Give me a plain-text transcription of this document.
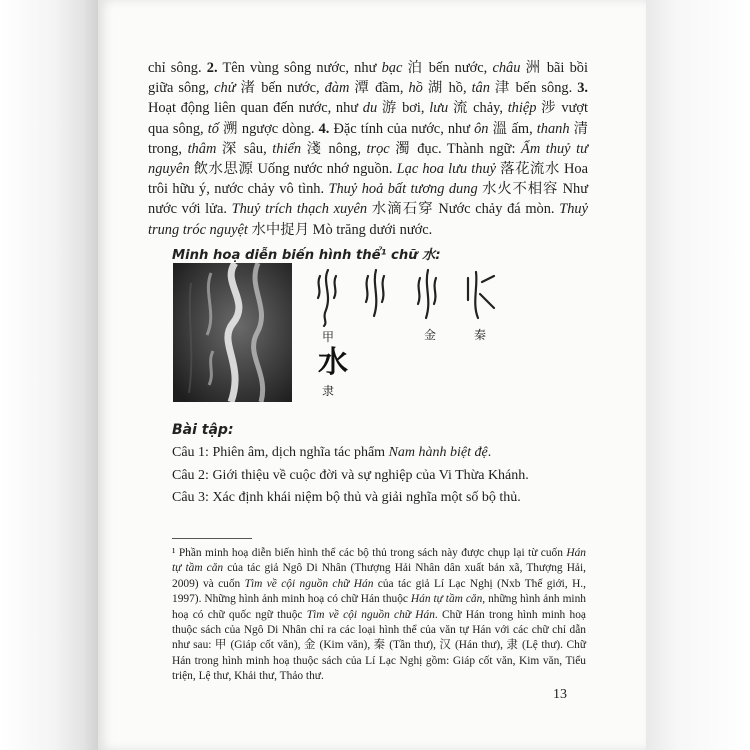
chỉ sông. 2. Tên vùng sông nước, như bạc 泊 bến nước, châu 洲 bãi bồi giữa sông, chử 渚 bến nước, đàm 潭 đầm, hồ 湖 hồ, tân 津 bến sông. 3. Hoạt động liên quan đến nước, như du 游 bơi, lưu 流 chảy, thiệp 涉 vượt qua sông, tố 溯 ngược dòng. 4. Đặc tính của nước, như ôn 溫 ấm, thanh 清 trong, thâm 深 sâu, thiển 淺 nông, trọc 濁 đục. Thành ngữ: Ẩm thuỷ tư nguyên 飲水思源 Uống nước nhớ nguồn. Lạc hoa lưu thuỷ 落花流水 Hoa trôi hữu ý, nước chảy vô tình. Thuỷ hoả bất tương dung 水火不相容 Như nước với lửa. Thuỷ trích thạch xuyên 水滴石穿 Nước chảy đá mòn. Thuỷ trung tróc nguyệt 水中捉月 Mò trăng dưới nước.

Minh hoạ diễn biến hình thể¹ chữ 水:
水
甲	金	秦
隶
Bài tập:
Câu 1: Phiên âm, dịch nghĩa tác phẩm Nam hành biệt đệ.
Câu 2: Giới thiệu về cuộc đời và sự nghiệp của Vi Thừa Khánh.
Câu 3: Xác định khái niệm bộ thủ và giải nghĩa một số bộ thủ.
¹ Phần minh hoạ diễn biến hình thể các bộ thủ trong sách này được chụp lại từ cuốn Hán tự tầm căn của tác giả Ngô Di Nhân (Thượng Hải Nhân dân xuất bản xã, Thượng Hải, 2009) và cuốn Tìm về cội nguồn chữ Hán của tác giả Lí Lạc Nghị (Nxb Thế giới, H., 1997). Những hình ảnh minh hoạ có chữ Hán thuộc Hán tự tầm căn, những hình ảnh minh hoạ có chữ quốc ngữ thuộc Tìm về cội nguồn chữ Hán. Chữ Hán trong hình minh hoạ thuộc sách của Ngô Di Nhân chỉ ra các loại hình thể của văn tự Hán với các chữ chỉ dẫn như sau: 甲 (Giáp cốt văn), 金 (Kim văn), 秦 (Tần thư), 汉 (Hán thư), 隶 (Lệ thư). Chữ Hán trong hình minh hoạ thuộc sách của Lí Lạc Nghị gồm: Giáp cốt văn, Kim văn, Tiểu triện, Lệ thư, Khải thư, Thảo thư.
13
